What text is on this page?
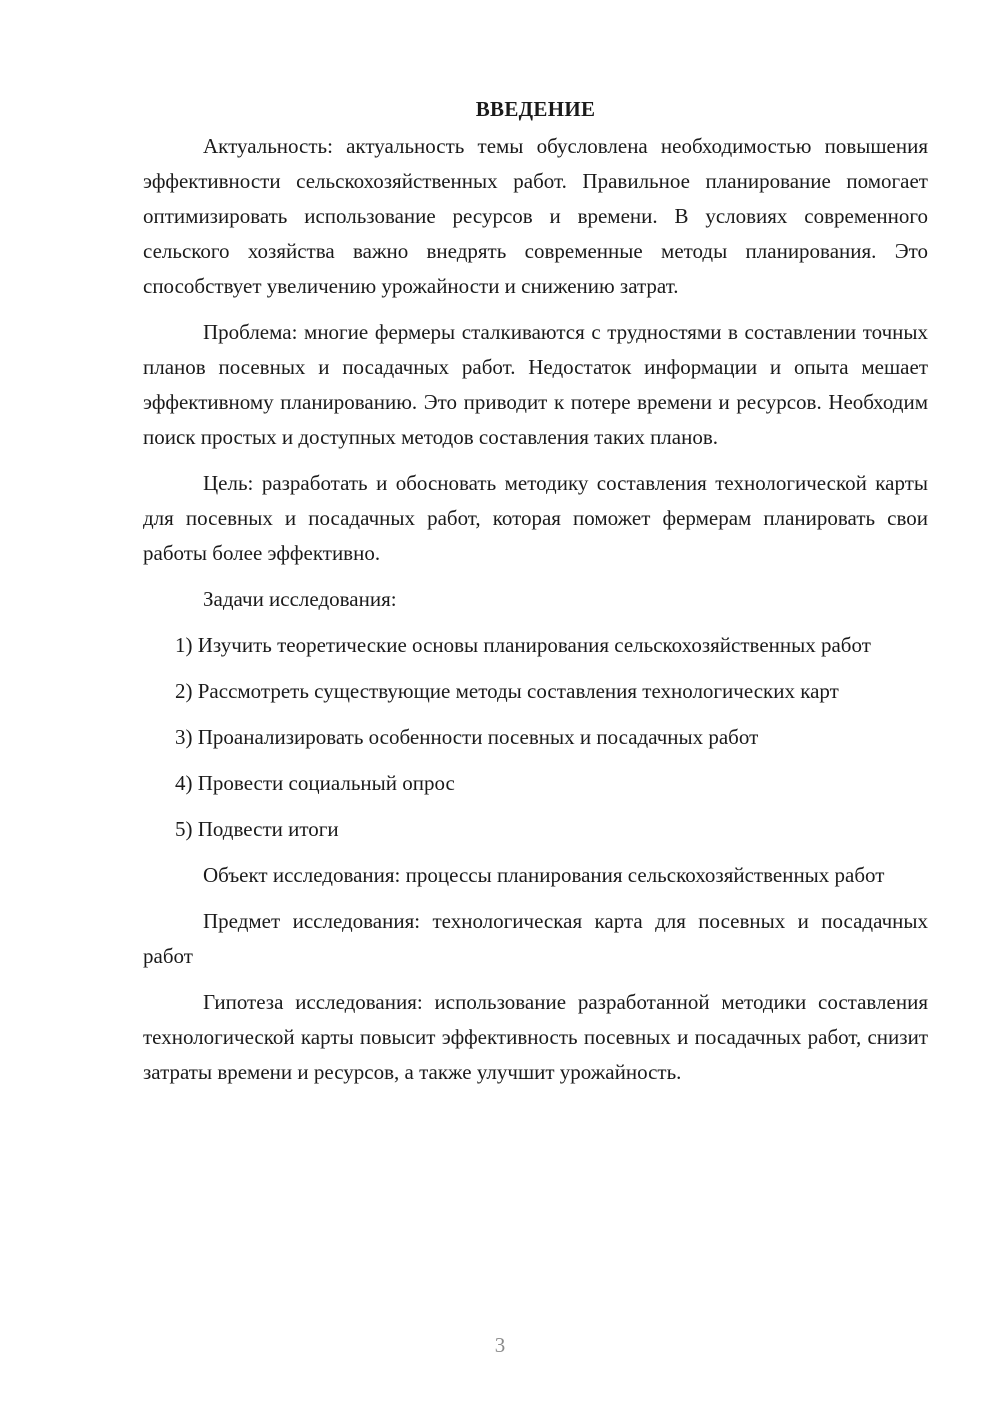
ВВЕДЕНИЕ

Актуальность: актуальность темы обусловлена необходимостью повышения эффективности сельскохозяйственных работ. Правильное планирование помогает оптимизировать использование ресурсов и времени. В условиях современного сельского хозяйства важно внедрять современные методы планирования. Это способствует увеличению урожайности и снижению затрат.

Проблема: многие фермеры сталкиваются с трудностями в составлении точных планов посевных и посадачных работ. Недостаток информации и опыта мешает эффективному планированию. Это приводит к потере времени и ресурсов. Необходим поиск простых и доступных методов составления таких планов.

Цель: разработать и обосновать методику составления технологической карты для посевных и посадачных работ, которая поможет фермерам планировать свои работы более эффективно.

Задачи исследования:

1) Изучить теоретические основы планирования сельскохозяйственных работ

2) Рассмотреть существующие методы составления технологических карт

3) Проанализировать особенности посевных и посадачных работ

4) Провести социальный опрос

5) Подвести итоги

Объект исследования: процессы планирования сельскохозяйственных работ

Предмет исследования: технологическая карта для посевных и посадачных работ

Гипотеза исследования: использование разработанной методики составления технологической карты повысит эффективность посевных и посадачных работ, снизит затраты времени и ресурсов, а также улучшит урожайность.

3
